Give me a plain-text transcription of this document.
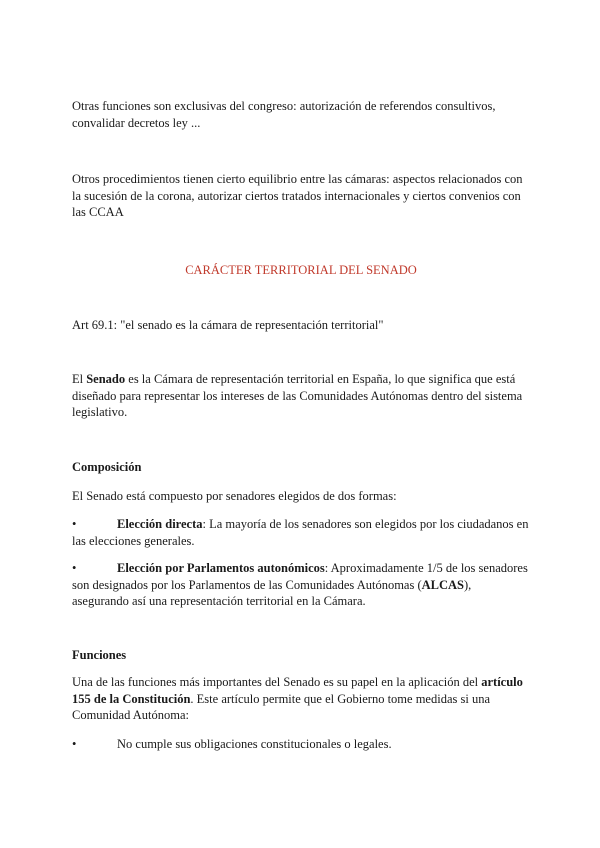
Otras funciones son exclusivas del congreso: autorización de referendos consultivos, convalidar decretos ley ...

Otros procedimientos tienen cierto equilibrio entre las cámaras: aspectos relacionados con la sucesión de la corona, autorizar ciertos tratados internacionales y ciertos convenios con las CCAA

CARÁCTER TERRITORIAL DEL SENADO

Art 69.1: "el senado es la cámara de representación territorial"

El Senado es la Cámara de representación territorial en España, lo que significa que está diseñado para representar los intereses de las Comunidades Autónomas dentro del sistema legislativo.

Composición

El Senado está compuesto por senadores elegidos de dos formas:

•	Elección directa: La mayoría de los senadores son elegidos por los ciudadanos en las elecciones generales.

•	Elección por Parlamentos autonómicos: Aproximadamente 1/5 de los senadores son designados por los Parlamentos de las Comunidades Autónomas (ALCAS), asegurando así una representación territorial en la Cámara.

Funciones

Una de las funciones más importantes del Senado es su papel en la aplicación del artículo 155 de la Constitución. Este artículo permite que el Gobierno tome medidas si una Comunidad Autónoma:

•	No cumple sus obligaciones constitucionales o legales.
